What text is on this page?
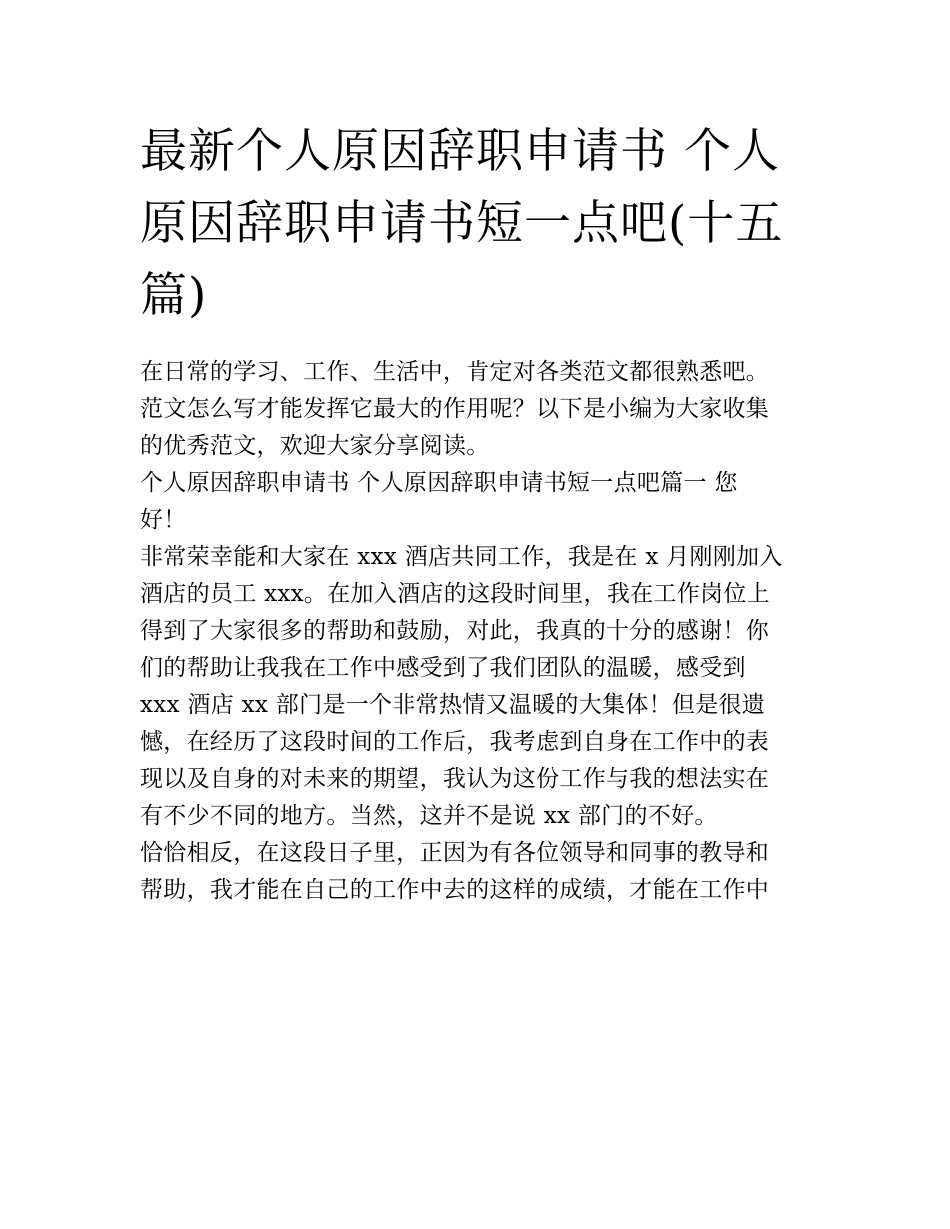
最新个人原因辞职申请书 个人
原因辞职申请书短一点吧(十五
篇)
在日常的学习、工作、生活中，肯定对各类范文都很熟悉吧。
范文怎么写才能发挥它最大的作用呢？以下是小编为大家收集
的优秀范文，欢迎大家分享阅读。
个人原因辞职申请书 个人原因辞职申请书短一点吧篇一 您
好！
非常荣幸能和大家在 xxx 酒店共同工作，我是在 x 月刚刚加入
酒店的员工 xxx。在加入酒店的这段时间里，我在工作岗位上
得到了大家很多的帮助和鼓励，对此，我真的十分的感谢！你
们的帮助让我我在工作中感受到了我们团队的温暖，感受到
xxx 酒店 xx 部门是一个非常热情又温暖的大集体！但是很遗
憾，在经历了这段时间的工作后，我考虑到自身在工作中的表
现以及自身的对未来的期望，我认为这份工作与我的想法实在
有不少不同的地方。当然，这并不是说 xx 部门的不好。
恰恰相反，在这段日子里，正因为有各位领导和同事的教导和
帮助，我才能在自己的工作中去的这样的成绩，才能在工作中
